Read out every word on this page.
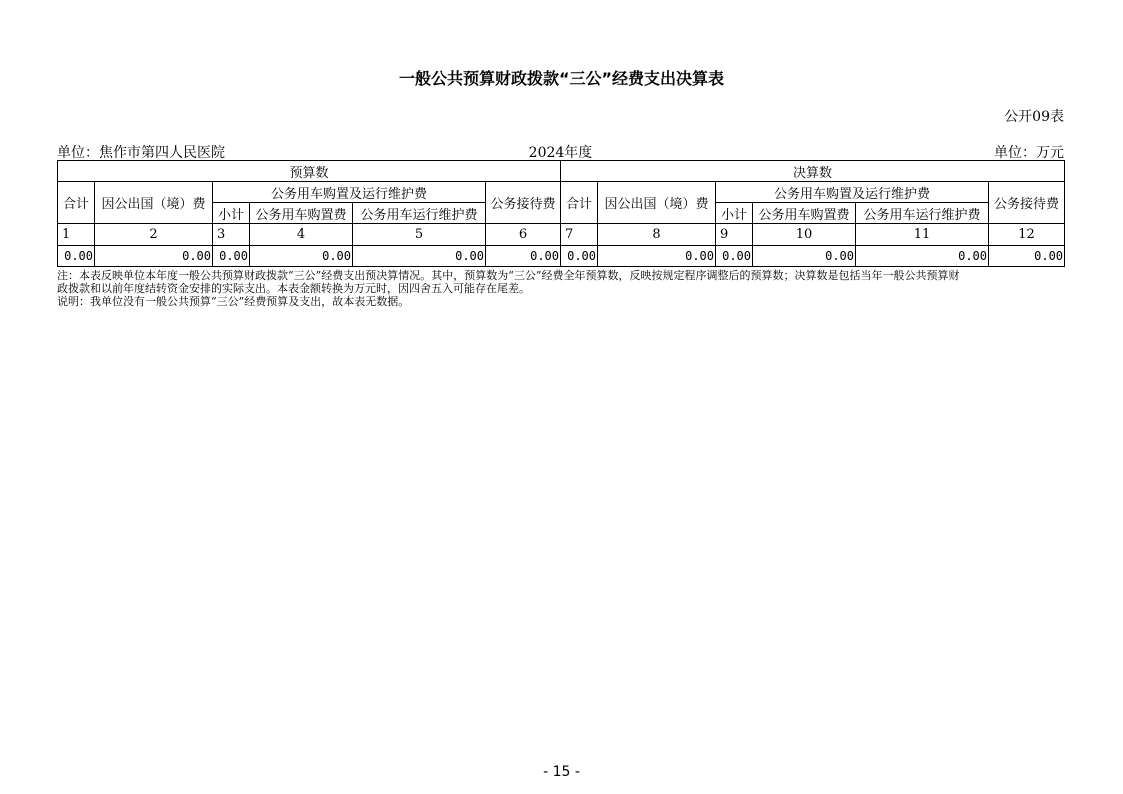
一般公共预算财政拨款“三公”经费支出决算表
公开09表
单位：焦作市第四人民医院	2024年度	单位：万元
预算数						决算数					
合计	因公出国（境）费	公务用车购置及运行维护费			公务接待费	合计	因公出国（境）费	公务用车购置及运行维护费			公务接待费
		小计	公务用车购置费	公务用车运行维护费				小计	公务用车购置费	公务用车运行维护费	
1	2	3	4	5	6	7	8	9	10	11	12
0.00	0.00	0.00	0.00	0.00	0.00	0.00	0.00	0.00	0.00	0.00	0.00
注：本表反映单位本年度一般公共预算财政拨款“三公”经费支出预决算情况。其中，预算数为“三公”经费全年预算数，反映按规定程序调整后的预算数；决算数是包括当年一般公共预算财
政拨款和以前年度结转资金安排的实际支出。本表金额转换为万元时，因四舍五入可能存在尾差。
说明：我单位没有一般公共预算“三公”经费预算及支出，故本表无数据。
- 15 -
